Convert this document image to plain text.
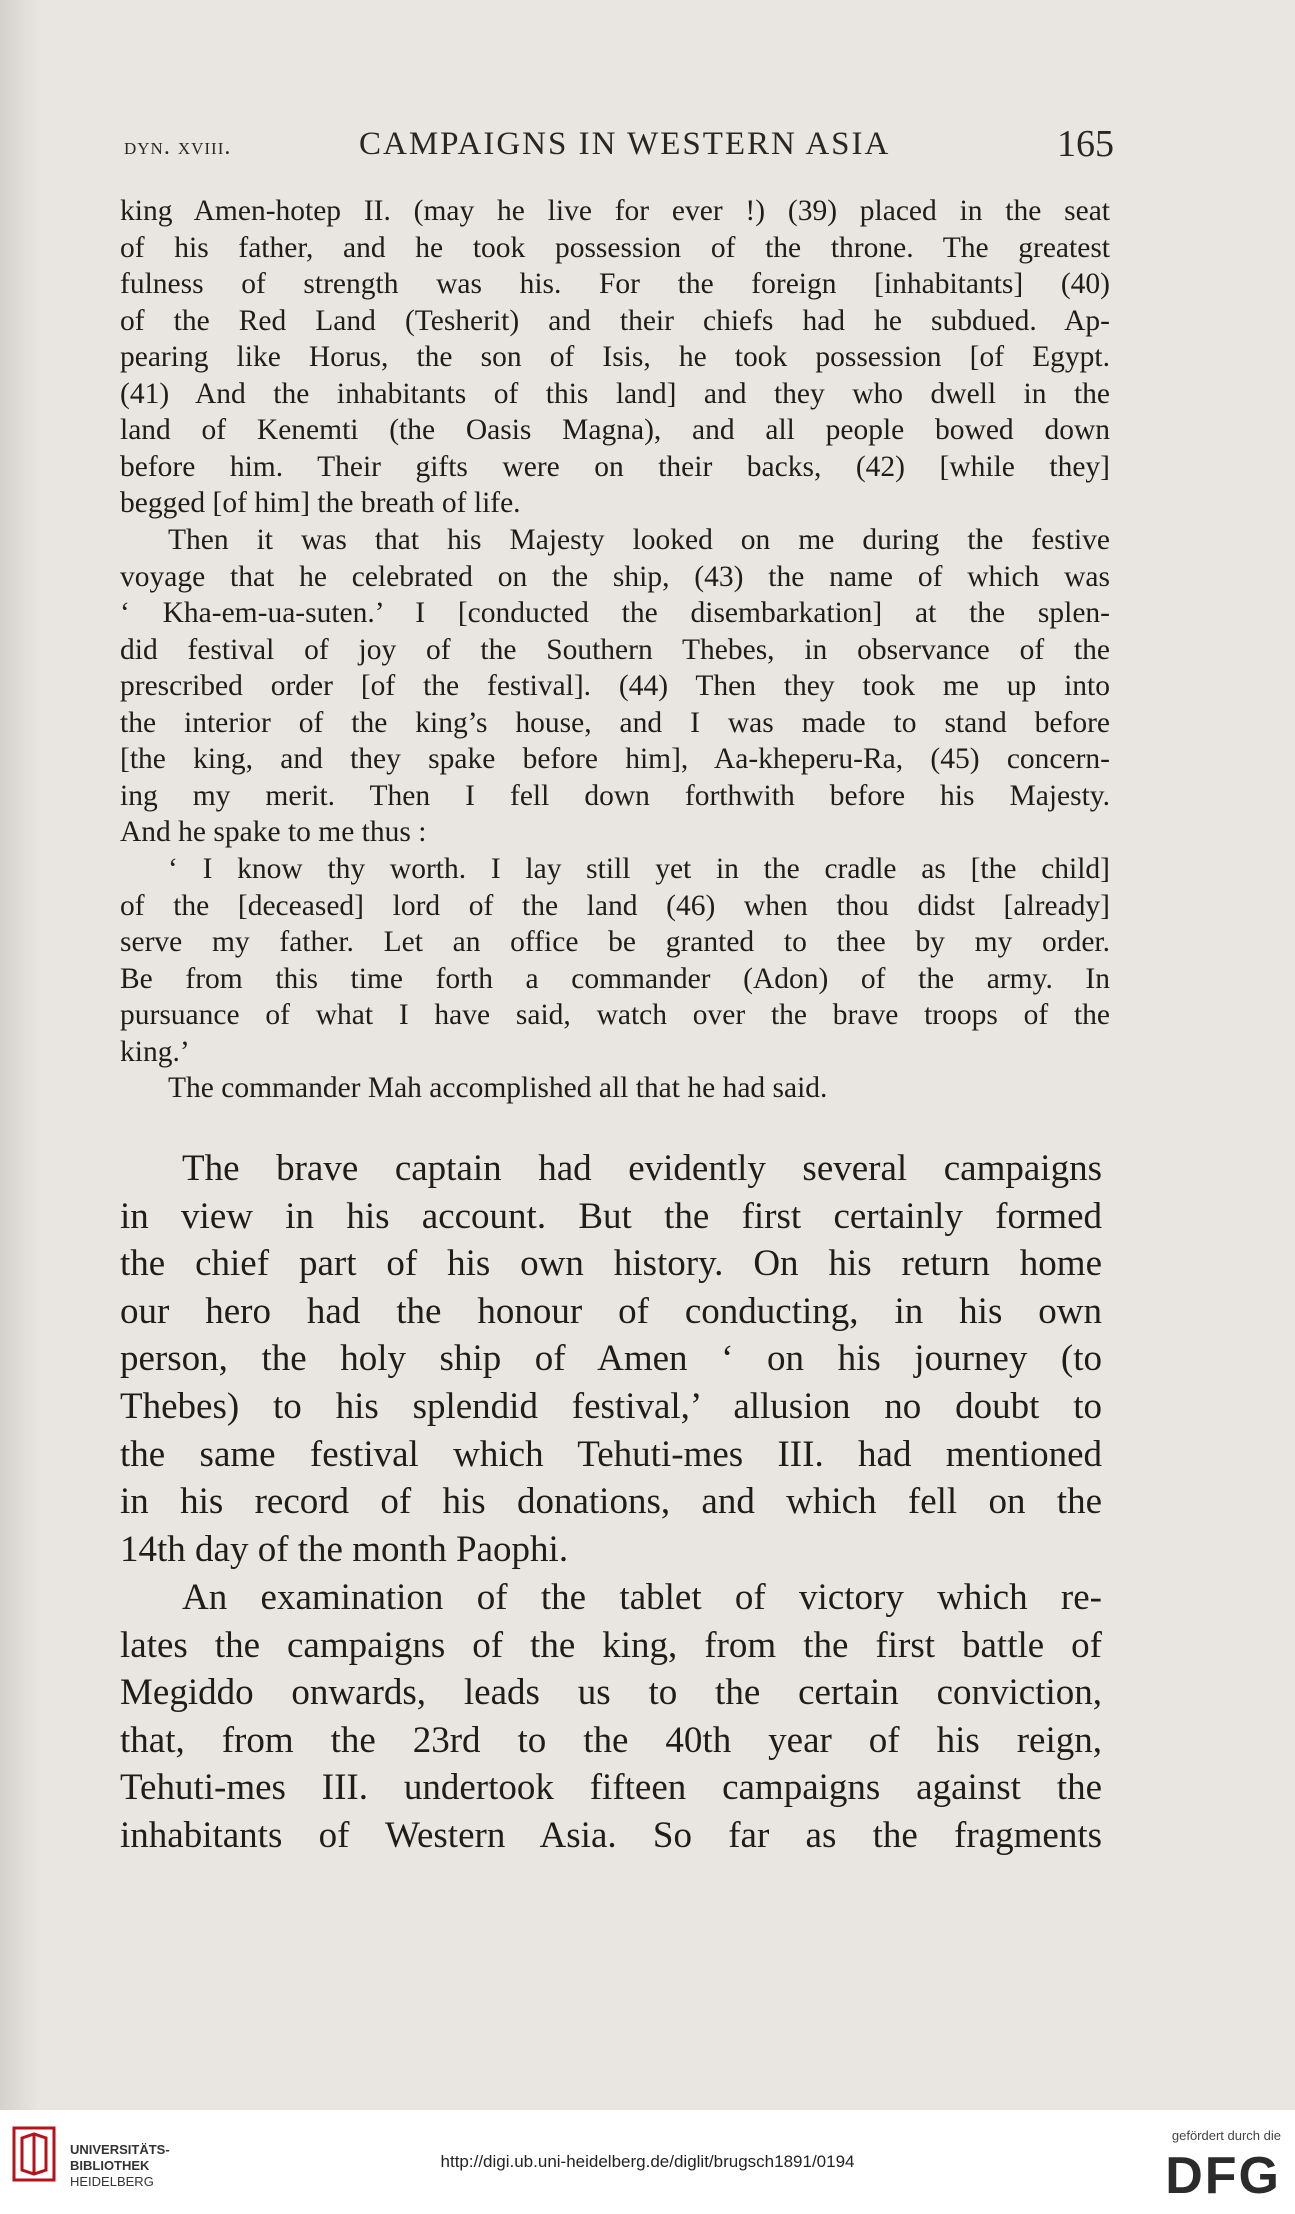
dyn. xviii.	CAMPAIGNS IN WESTERN ASIA	165
king Amen-hotep II. (may he live for ever !) (39) placed in the seat
of his father, and he took possession of the throne. The greatest
fulness of strength was his. For the foreign [inhabitants] (40)
of the Red Land (Tesherit) and their chiefs had he subdued. Ap-
pearing like Horus, the son of Isis, he took possession [of Egypt.
(41) And the inhabitants of this land] and they who dwell in the
land of Kenemti (the Oasis Magna), and all people bowed down
before him. Their gifts were on their backs, (42) [while they]
begged [of him] the breath of life.
Then it was that his Majesty looked on me during the festive
voyage that he celebrated on the ship, (43) the name of which was
‘ Kha-em-ua-suten.’ I [conducted the disembarkation] at the splen-
did festival of joy of the Southern Thebes, in observance of the
prescribed order [of the festival]. (44) Then they took me up into
the interior of the king’s house, and I was made to stand before
[the king, and they spake before him], Aa-kheperu-Ra, (45) concern-
ing my merit. Then I fell down forthwith before his Majesty.
And he spake to me thus :
‘ I know thy worth. I lay still yet in the cradle as [the child]
of the [deceased] lord of the land (46) when thou didst [already]
serve my father. Let an office be granted to thee by my order.
Be from this time forth a commander (Adon) of the army. In
pursuance of what I have said, watch over the brave troops of the
king.’
The commander Mah accomplished all that he had said.
The brave captain had evidently several campaigns
in view in his account. But the first certainly formed
the chief part of his own history. On his return home
our hero had the honour of conducting, in his own
person, the holy ship of Amen ‘ on his journey (to
Thebes) to his splendid festival,’ allusion no doubt to
the same festival which Tehuti-mes III. had mentioned
in his record of his donations, and which fell on the
14th day of the month Paophi.
An examination of the tablet of victory which re-
lates the campaigns of the king, from the first battle of
Megiddo onwards, leads us to the certain conviction,
that, from the 23rd to the 40th year of his reign,
Tehuti-mes III. undertook fifteen campaigns against the
inhabitants of Western Asia. So far as the fragments
UNIVERSITÄTS-
BIBLIOTHEK
HEIDELBERG
http://digi.ub.uni-heidelberg.de/diglit/brugsch1891/0194
gefördert durch die
DFG
